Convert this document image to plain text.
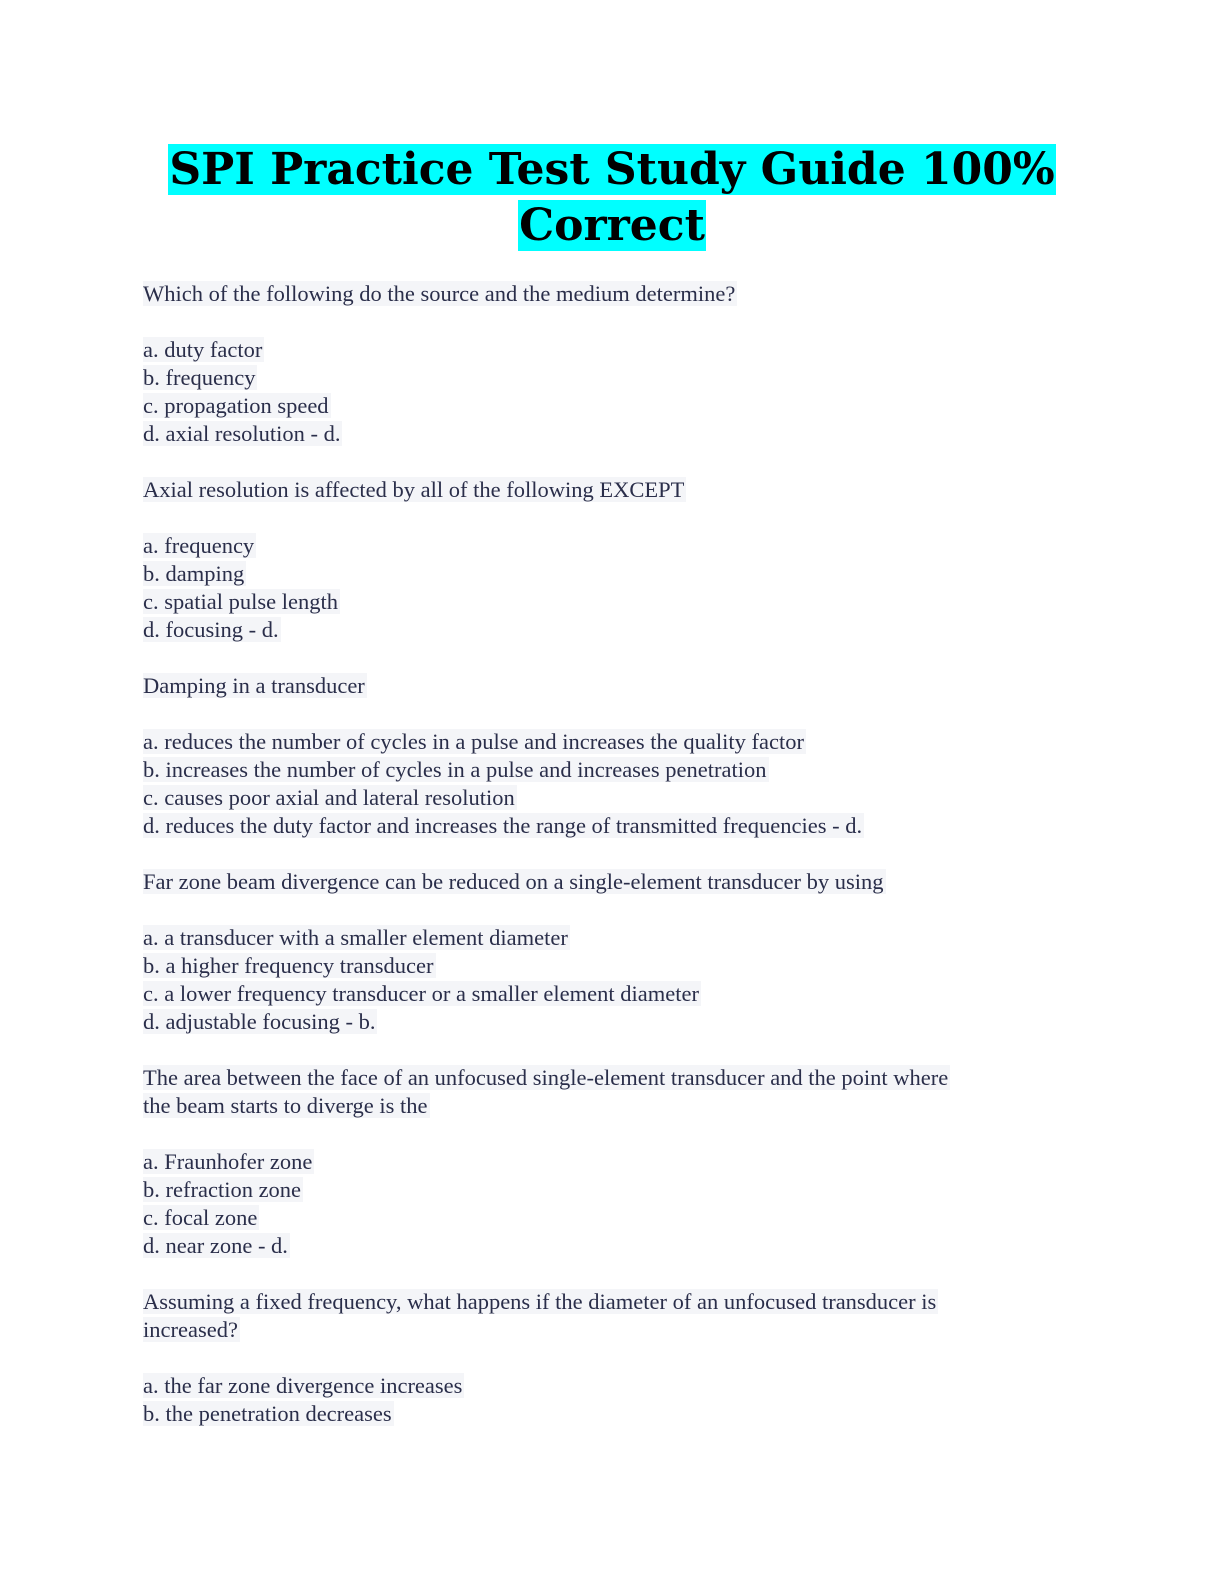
SPI Practice Test Study Guide 100%
Correct
Which of the following do the source and the medium determine?
a. duty factor
b. frequency
c. propagation speed
d. axial resolution - d.
Axial resolution is affected by all of the following EXCEPT
a. frequency
b. damping
c. spatial pulse length
d. focusing - d.
Damping in a transducer
a. reduces the number of cycles in a pulse and increases the quality factor
b. increases the number of cycles in a pulse and increases penetration
c. causes poor axial and lateral resolution
d. reduces the duty factor and increases the range of transmitted frequencies - d.
Far zone beam divergence can be reduced on a single-element transducer by using
a. a transducer with a smaller element diameter
b. a higher frequency transducer
c. a lower frequency transducer or a smaller element diameter
d. adjustable focusing - b.
The area between the face of an unfocused single-element transducer and the point where
the beam starts to diverge is the
a. Fraunhofer zone
b. refraction zone
c. focal zone
d. near zone - d.
Assuming a fixed frequency, what happens if the diameter of an unfocused transducer is
increased?
a. the far zone divergence increases
b. the penetration decreases
